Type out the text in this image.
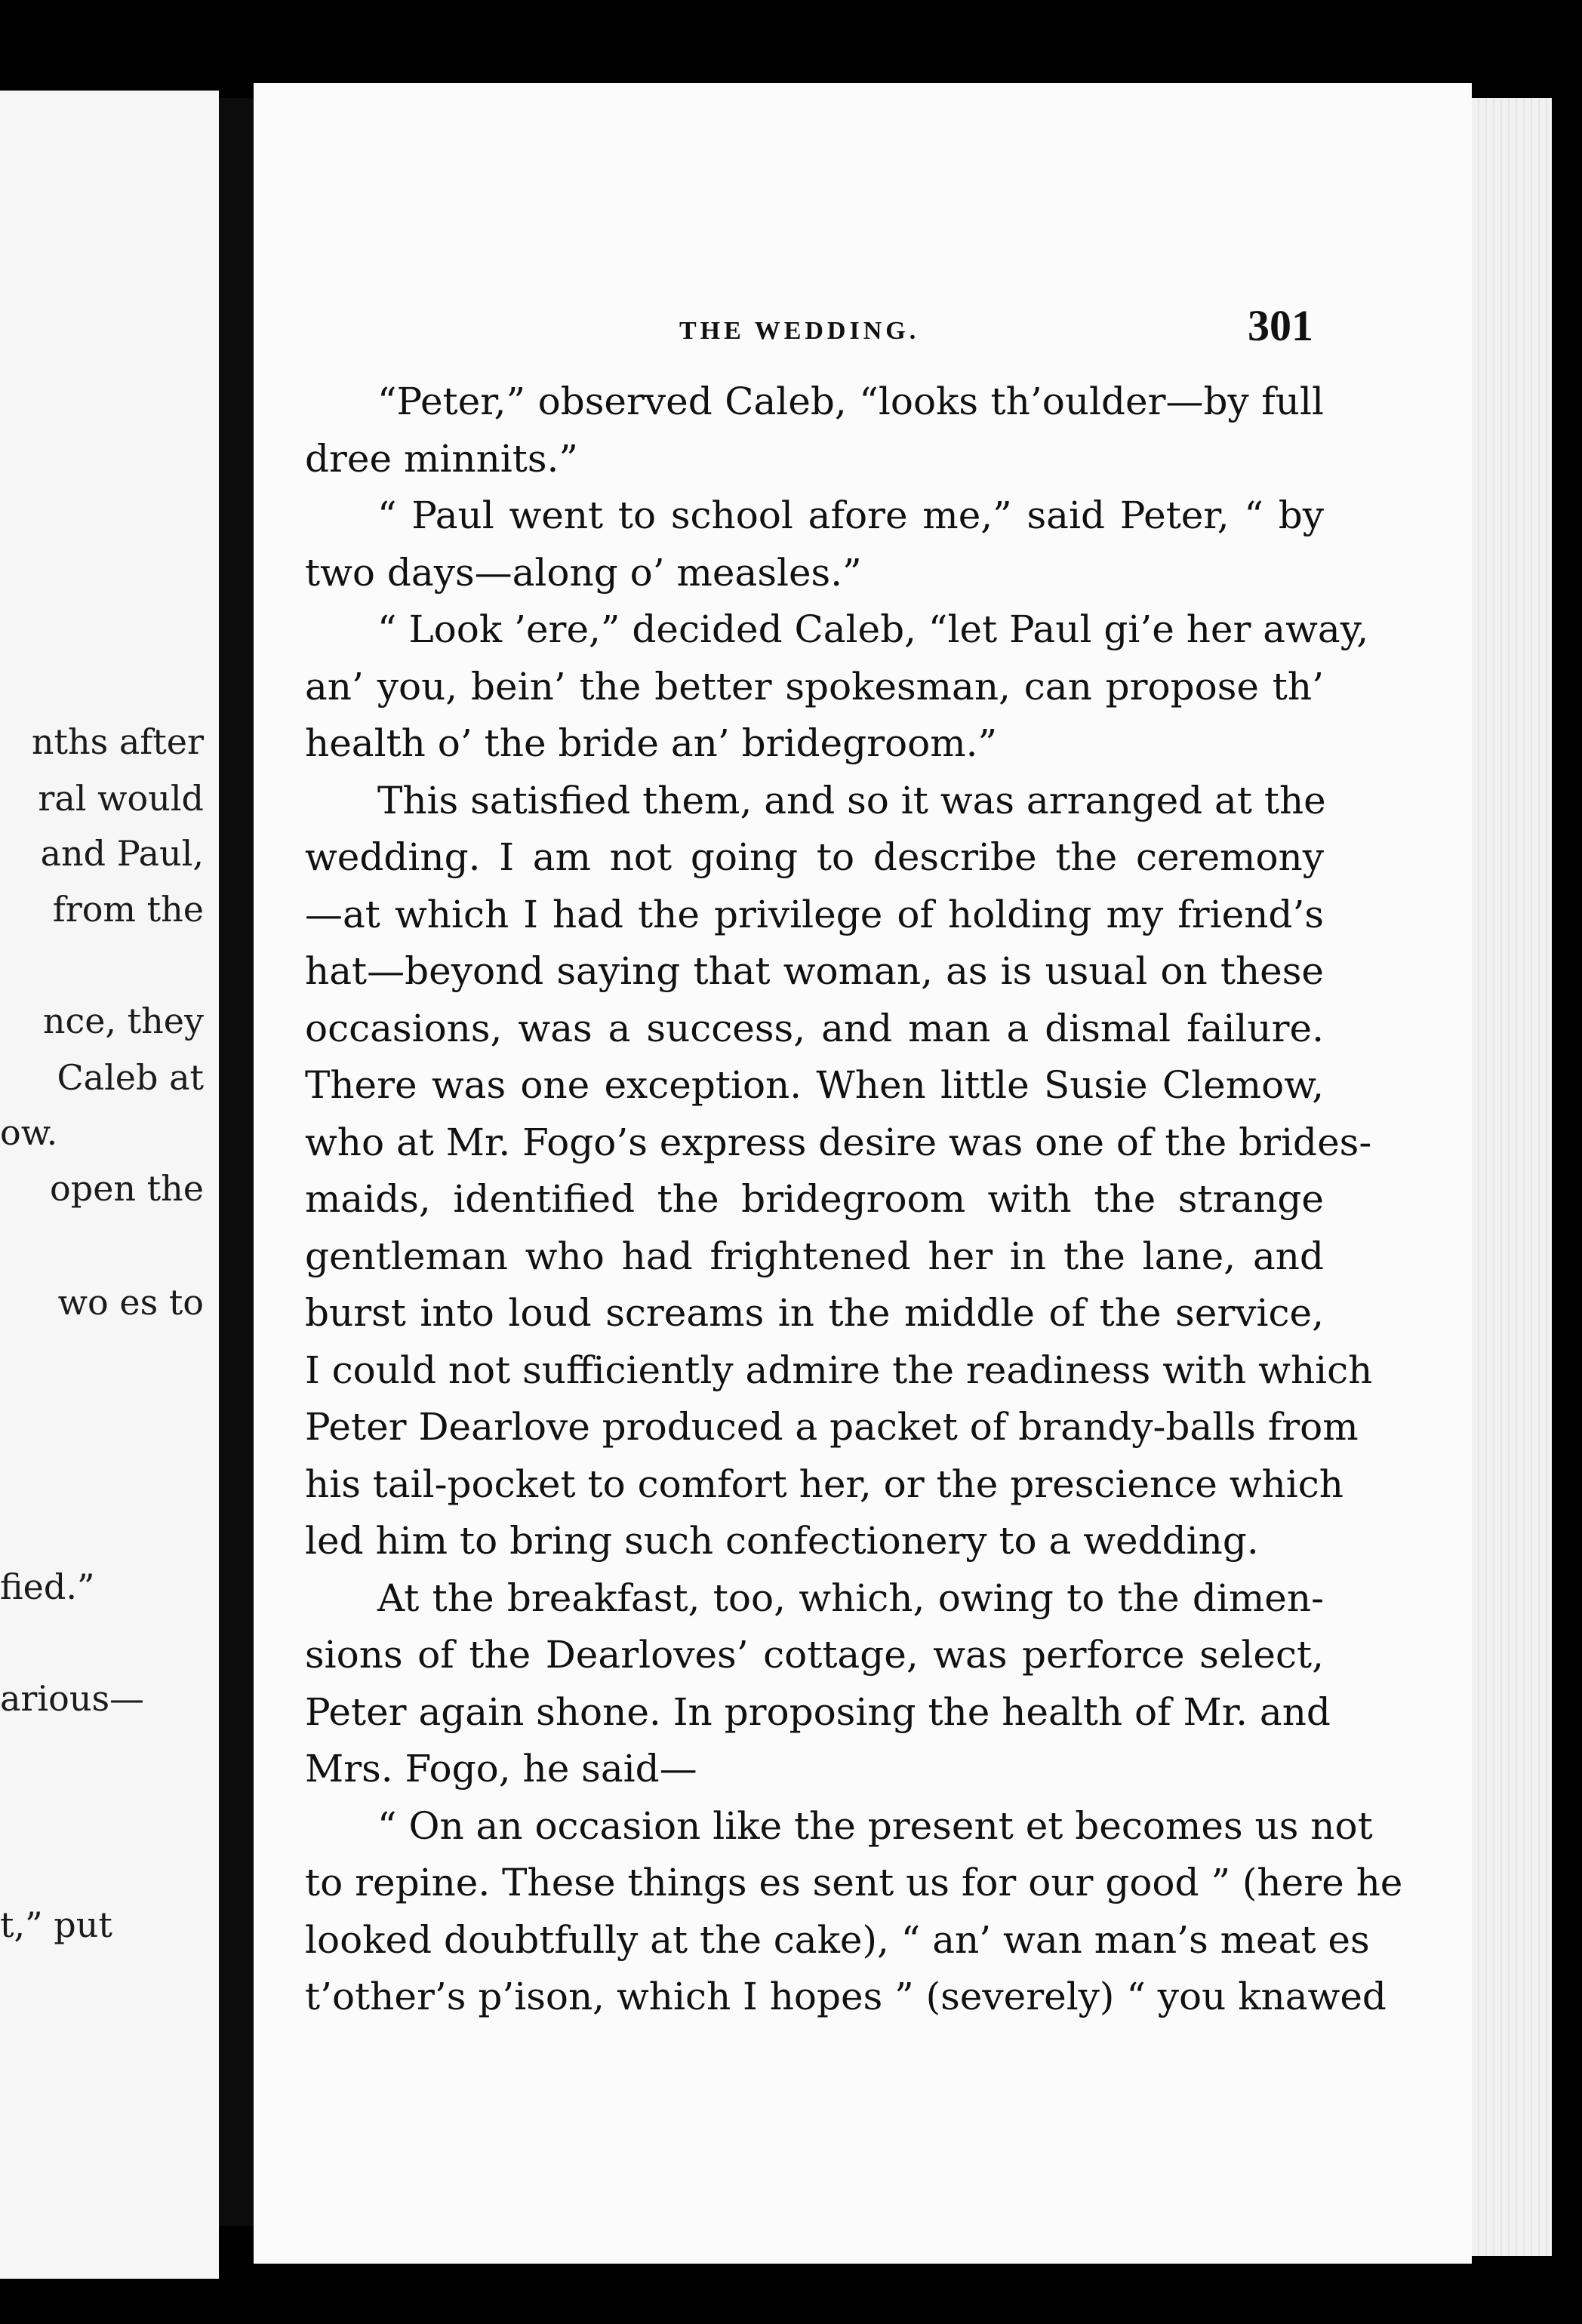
nths after
ral would
and Paul,
from the
nce, they
Caleb at
ow.
open the
wo es to
fied.”
arious—
t,” put
THE WEDDING.	301
“Peter,” observed Caleb, “looks th’oulder—by full
dree minnits.”
“ Paul went to school afore me,” said Peter, “ by
two days—along o’ measles.”
“ Look ’ere,” decided Caleb, “let Paul gi’e her away,
an’ you, bein’ the better spokesman, can propose th’
health o’ the bride an’ bridegroom.”
This satisfied them, and so it was arranged at the
wedding. I am not going to describe the ceremony
—at which I had the privilege of holding my friend’s
hat—beyond saying that woman, as is usual on these
occasions, was a success, and man a dismal failure.
There was one exception. When little Susie Clemow,
who at Mr. Fogo’s express desire was one of the brides-
maids, identified the bridegroom with the strange
gentleman who had frightened her in the lane, and
burst into loud screams in the middle of the service,
I could not sufficiently admire the readiness with which
Peter Dearlove produced a packet of brandy-balls from
his tail-pocket to comfort her, or the prescience which
led him to bring such confectionery to a wedding.
At the breakfast, too, which, owing to the dimen-
sions of the Dearloves’ cottage, was perforce select,
Peter again shone. In proposing the health of Mr. and
Mrs. Fogo, he said—
“ On an occasion like the present et becomes us not
to repine. These things es sent us for our good ” (here he
looked doubtfully at the cake), “ an’ wan man’s meat es
t’other’s p’ison, which I hopes ” (severely) “ you knawed
